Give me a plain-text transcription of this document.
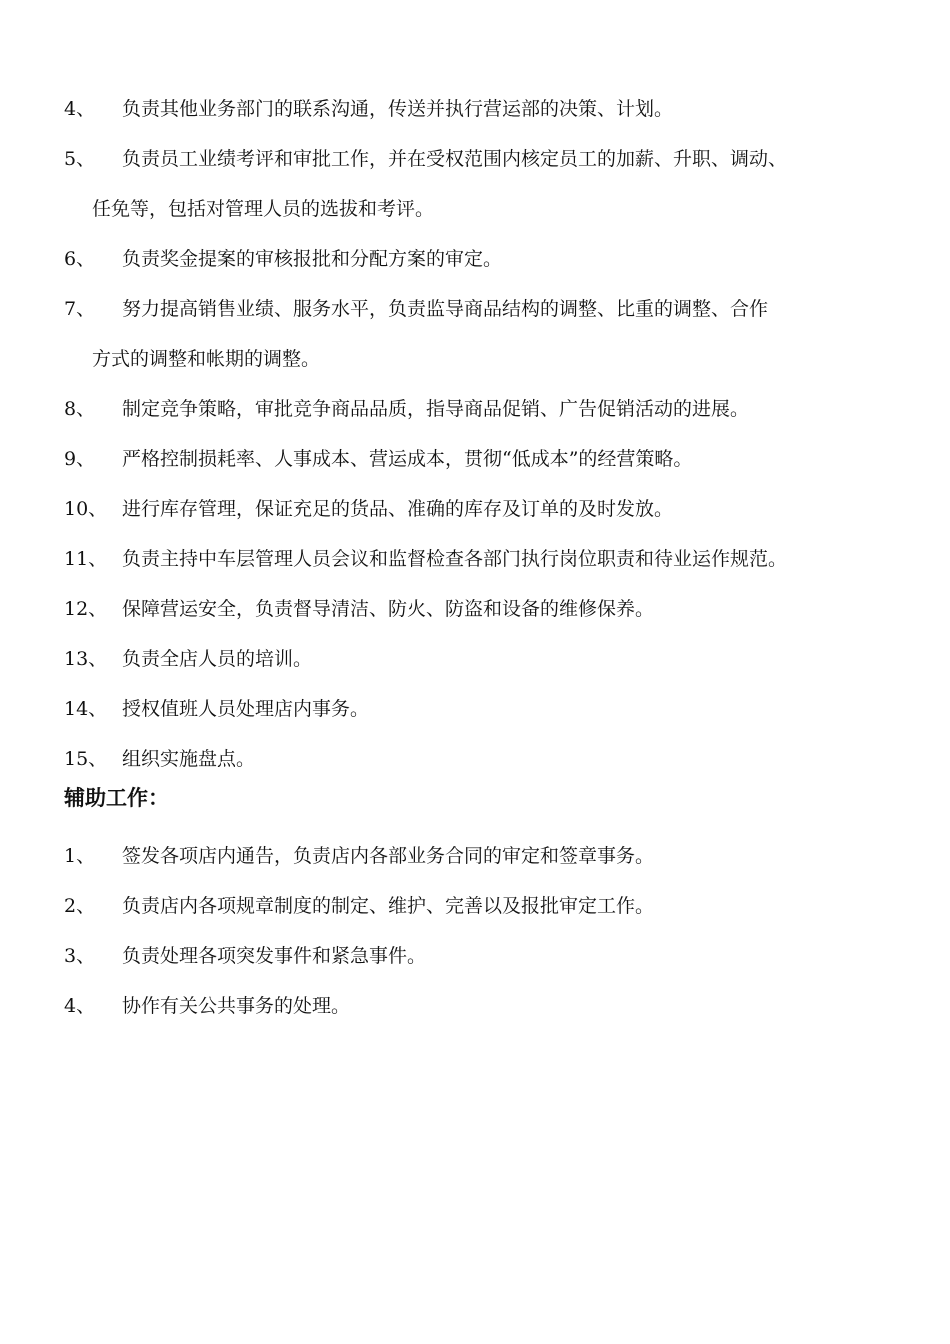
4、	负责其他业务部门的联系沟通，传送并执行营运部的决策、计划。
5、	负责员工业绩考评和审批工作，并在受权范围内核定员工的加薪、升职、调动、
任免等，包括对管理人员的选拔和考评。
6、	负责奖金提案的审核报批和分配方案的审定。
7、	努力提高销售业绩、服务水平，负责监导商品结构的调整、比重的调整、合作
方式的调整和帐期的调整。
8、	制定竞争策略，审批竞争商品品质，指导商品促销、广告促销活动的进展。
9、	严格控制损耗率、人事成本、营运成本，贯彻“低成本”的经营策略。
10、 进行库存管理，保证充足的货品、准确的库存及订单的及时发放。
11、 负责主持中车层管理人员会议和监督检查各部门执行岗位职责和待业运作规范。
12、 保障营运安全，负责督导清洁、防火、防盗和设备的维修保养。
13、 负责全店人员的培训。
14、 授权值班人员处理店内事务。
15、 组织实施盘点。
辅助工作：
1、	签发各项店内通告，负责店内各部业务合同的审定和签章事务。
2、	负责店内各项规章制度的制定、维护、完善以及报批审定工作。
3、	负责处理各项突发事件和紧急事件。
4、	协作有关公共事务的处理。
